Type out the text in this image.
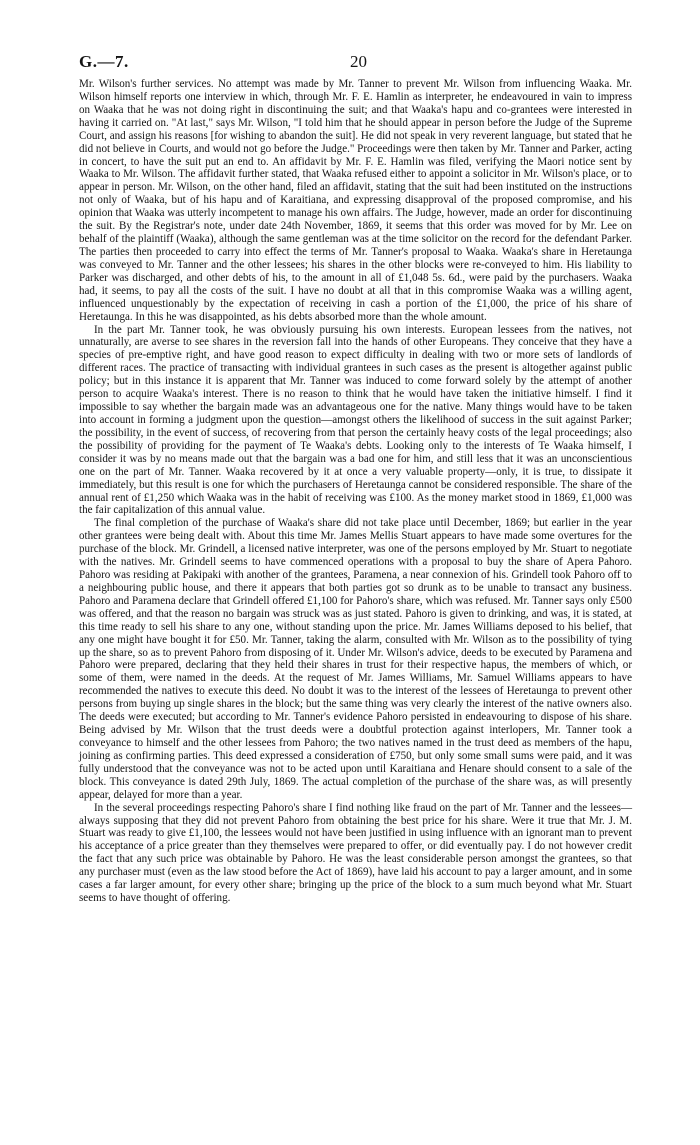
G.—7.	20

Mr. Wilson's further services. No attempt was made by Mr. Tanner to prevent Mr. Wilson from influencing Waaka. Mr. Wilson himself reports one interview in which, through Mr. F. E. Hamlin as interpreter, he endeavoured in vain to impress on Waaka that he was not doing right in discontinuing the suit; and that Waaka's hapu and co-grantees were interested in having it carried on. "At last," says Mr. Wilson, "I told him that he should appear in person before the Judge of the Supreme Court, and assign his reasons [for wishing to abandon the suit]. He did not speak in very reverent language, but stated that he did not believe in Courts, and would not go before the Judge." Proceedings were then taken by Mr. Tanner and Parker, acting in concert, to have the suit put an end to. An affidavit by Mr. F. E. Hamlin was filed, verifying the Maori notice sent by Waaka to Mr. Wilson. The affidavit further stated, that Waaka refused either to appoint a solicitor in Mr. Wilson's place, or to appear in person. Mr. Wilson, on the other hand, filed an affidavit, stating that the suit had been instituted on the instructions not only of Waaka, but of his hapu and of Karaitiana, and expressing disapproval of the proposed compromise, and his opinion that Waaka was utterly incompetent to manage his own affairs. The Judge, however, made an order for discontinuing the suit. By the Registrar's note, under date 24th November, 1869, it seems that this order was moved for by Mr. Lee on behalf of the plaintiff (Waaka), although the same gentleman was at the time solicitor on the record for the defendant Parker. The parties then proceeded to carry into effect the terms of Mr. Tanner's proposal to Waaka. Waaka's share in Heretaunga was conveyed to Mr. Tanner and the other lessees; his shares in the other blocks were re-conveyed to him. His liability to Parker was discharged, and other debts of his, to the amount in all of £1,048 5s. 6d., were paid by the purchasers. Waaka had, it seems, to pay all the costs of the suit. I have no doubt at all that in this compromise Waaka was a willing agent, influenced unquestionably by the expectation of receiving in cash a portion of the £1,000, the price of his share of Heretaunga. In this he was disappointed, as his debts absorbed more than the whole amount.

In the part Mr. Tanner took, he was obviously pursuing his own interests. European lessees from the natives, not unnaturally, are averse to see shares in the reversion fall into the hands of other Europeans. They conceive that they have a species of pre-emptive right, and have good reason to expect difficulty in dealing with two or more sets of landlords of different races. The practice of transacting with individual grantees in such cases as the present is altogether against public policy; but in this instance it is apparent that Mr. Tanner was induced to come forward solely by the attempt of another person to acquire Waaka's interest. There is no reason to think that he would have taken the initiative himself. I find it impossible to say whether the bargain made was an advantageous one for the native. Many things would have to be taken into account in forming a judgment upon the question—amongst others the likelihood of success in the suit against Parker; the possibility, in the event of success, of recovering from that person the certainly heavy costs of the legal proceedings; also the possibility of providing for the payment of Te Waaka's debts. Looking only to the interests of Te Waaka himself, I consider it was by no means made out that the bargain was a bad one for him, and still less that it was an unconscientious one on the part of Mr. Tanner. Waaka recovered by it at once a very valuable property—only, it is true, to dissipate it immediately, but this result is one for which the purchasers of Heretaunga cannot be considered responsible. The share of the annual rent of £1,250 which Waaka was in the habit of receiving was £100. As the money market stood in 1869, £1,000 was the fair capitalization of this annual value.

The final completion of the purchase of Waaka's share did not take place until December, 1869; but earlier in the year other grantees were being dealt with. About this time Mr. James Mellis Stuart appears to have made some overtures for the purchase of the block. Mr. Grindell, a licensed native interpreter, was one of the persons employed by Mr. Stuart to negotiate with the natives. Mr. Grindell seems to have commenced operations with a proposal to buy the share of Apera Pahoro. Pahoro was residing at Pakipaki with another of the grantees, Paramena, a near connexion of his. Grindell took Pahoro off to a neighbouring public house, and there it appears that both parties got so drunk as to be unable to transact any business. Pahoro and Paramena declare that Grindell offered £1,100 for Pahoro's share, which was refused. Mr. Tanner says only £500 was offered, and that the reason no bargain was struck was as just stated. Pahoro is given to drinking, and was, it is stated, at this time ready to sell his share to any one, without standing upon the price. Mr. James Williams deposed to his belief, that any one might have bought it for £50. Mr. Tanner, taking the alarm, consulted with Mr. Wilson as to the possibility of tying up the share, so as to prevent Pahoro from disposing of it. Under Mr. Wilson's advice, deeds to be executed by Paramena and Pahoro were prepared, declaring that they held their shares in trust for their respective hapus, the members of which, or some of them, were named in the deeds. At the request of Mr. James Williams, Mr. Samuel Williams appears to have recommended the natives to execute this deed. No doubt it was to the interest of the lessees of Heretaunga to prevent other persons from buying up single shares in the block; but the same thing was very clearly the interest of the native owners also. The deeds were executed; but according to Mr. Tanner's evidence Pahoro persisted in endeavouring to dispose of his share. Being advised by Mr. Wilson that the trust deeds were a doubtful protection against interlopers, Mr. Tanner took a conveyance to himself and the other lessees from Pahoro; the two natives named in the trust deed as members of the hapu, joining as confirming parties. This deed expressed a consideration of £750, but only some small sums were paid, and it was fully understood that the conveyance was not to be acted upon until Karaitiana and Henare should consent to a sale of the block. This conveyance is dated 29th July, 1869. The actual completion of the purchase of the share was, as will presently appear, delayed for more than a year.

In the several proceedings respecting Pahoro's share I find nothing like fraud on the part of Mr. Tanner and the lessees—always supposing that they did not prevent Pahoro from obtaining the best price for his share. Were it true that Mr. J. M. Stuart was ready to give £1,100, the lessees would not have been justified in using influence with an ignorant man to prevent his acceptance of a price greater than they themselves were prepared to offer, or did eventually pay. I do not however credit the fact that any such price was obtainable by Pahoro. He was the least considerable person amongst the grantees, so that any purchaser must (even as the law stood before the Act of 1869), have laid his account to pay a larger amount, and in some cases a far larger amount, for every other share; bringing up the price of the block to a sum much beyond what Mr. Stuart seems to have thought of offering.
